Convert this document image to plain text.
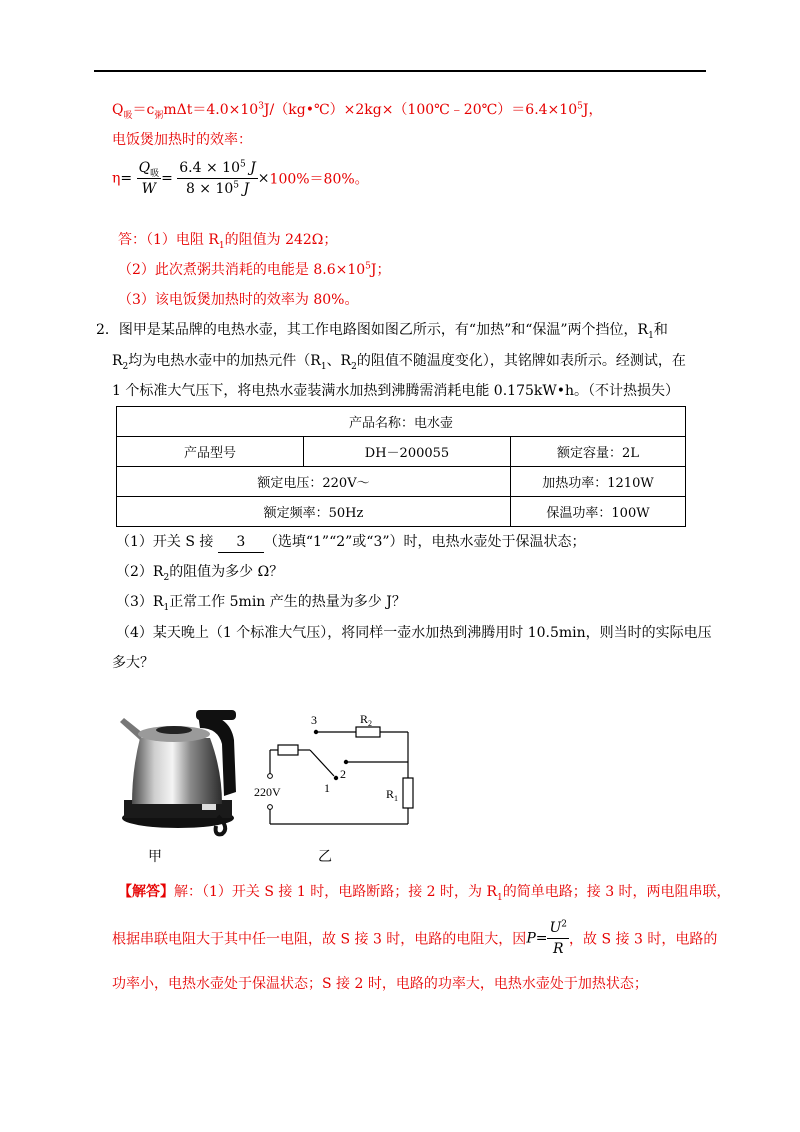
$Q_吸=c_粥m\Delta t=4.0\times 10^3J/(kg•℃)\times 2kg\times(100℃﹣20℃)=6.4\times 10^5J$，
电饭煲加热时的效率：
$\eta= \frac{Q_吸}{W} = \frac{6.4 \times 10^5 J}{8 \times 10^5 J} \times 100\%=80\%$。
答：（1）电阻 $R_1$的阻值为 242Ω；
（2）此次煮粥共消耗的电能是 $8.6\times 10^5J$；
（3）该电饭煲加热时的效率为 80%。
2．图甲是某品牌的电热水壶，其工作电路图如图乙所示，有“加热”和“保温”两个挡位，$R_1$和
$R_2$均为电热水壶中的加热元件（$R_1$、$R_2$的阻值不随温度变化），其铭牌如表所示。经测试，在
1 个标准大气压下，将电热水壶装满水加热到沸腾需消耗电能 0.175kW•h。（不计热损失）
产品名称：电水壶		
产品型号	DH－200055	额定容量：2L
额定电压：220V～		加热功率：1210W
额定频率：50Hz		保温功率：100W
（1）开关 S 接 3 （选填“1”“2”或“3”）时，电热水壶处于保温状态；
$(2)R_2$的阻值为多少 Ω？
$(3)R_1$正常工作 5min 产生的热量为多少 J？
（4）某天晚上（1 个标准大气压），将同样一壶水加热到沸腾用时 10.5min，则当时的实际电压
多大？
3
2
1
$R_2$
$R_1$
220V
甲	乙
【解答】解：（1）开关 S 接 1 时，电路断路；接 2 时，为 $R_1$的简单电路；接 3 时，两电阻串联，
根据串联电阻大于其中任一电阻，故 S 接 3 时，电路的电阻大，因$P= \frac{U^2}{R}$ ，故 S 接 3 时，电路的
功率小，电热水壶处于保温状态；S 接 2 时，电路的功率大，电热水壶处于加热状态；
